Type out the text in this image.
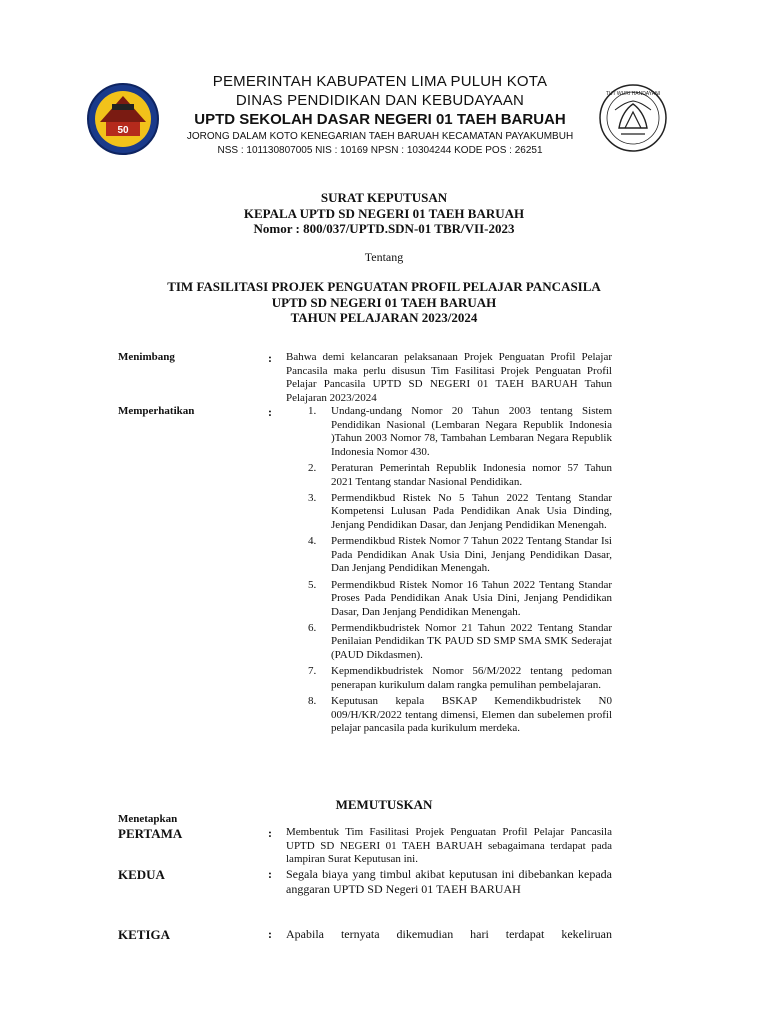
50
PEMERINTAH KABUPATEN LIMA PULUH KOTA
DINAS PENDIDIKAN DAN KEBUDAYAAN
UPTD SEKOLAH DASAR NEGERI 01 TAEH BARUAH
JORONG DALAM KOTO KENEGARIAN TAEH BARUAH KECAMATAN PAYAKUMBUH
NSS : 101130807005 NIS : 10169 NPSN : 10304244 KODE POS : 26251
TUT WURI HANDAYANI
SURAT KEPUTUSAN
KEPALA UPTD SD NEGERI 01 TAEH BARUAH
Nomor : 800/037/UPTD.SDN-01 TBR/VII-2023
Tentang
TIM FASILITASI PROJEK PENGUATAN PROFIL PELAJAR PANCASILA
UPTD SD NEGERI 01 TAEH BARUAH
TAHUN PELAJARAN 2023/2024
Menimbang	: Bahwa demi kelancaran pelaksanaan Projek Penguatan Profil Pelajar Pancasila maka perlu disusun Tim Fasilitasi Projek Penguatan Profil Pelajar Pancasila UPTD SD NEGERI 01 TAEH BARUAH Tahun Pelajaran 2023/2024
Memperhatikan	:	1. Undang-undang Nomor 20 Tahun 2003 tentang Sistem Pendidikan Nasional (Lembaran Negara Republik Indonesia )Tahun 2003 Nomor 78, Tambahan Lembaran Negara Republik Indonesia Nomor 430.
2. Peraturan Pemerintah Republik Indonesia nomor 57 Tahun 2021 Tentang standar Nasional Pendidikan.
3. Permendikbud Ristek No 5 Tahun 2022 Tentang Standar Kompetensi Lulusan Pada Pendidikan Anak Usia Dinding, Jenjang Pendidikan Dasar, dan Jenjang Pendidikan Menengah.
4. Permendikbud Ristek Nomor 7 Tahun 2022 Tentang Standar Isi Pada Pendidikan Anak Usia Dini, Jenjang Pendidikan Dasar, Dan Jenjang Pendidikan Menengah.
5. Permendikbud Ristek Nomor 16 Tahun 2022 Tentang Standar Proses Pada Pendidikan Anak Usia Dini, Jenjang Pendidikan Dasar, Dan Jenjang Pendidikan Menengah.
6. Permendikbudristek Nomor 21 Tahun 2022 Tentang Standar Penilaian Pendidikan TK PAUD SD SMP SMA SMK Sederajat (PAUD Dikdasmen).
7. Kepmendikbudristek Nomor 56/M/2022 tentang pedoman penerapan kurikulum dalam rangka pemulihan pembelajaran.
8. Keputusan kepala BSKAP Kemendikbudristek N0 009/H/KR/2022 tentang dimensi, Elemen dan subelemen profil pelajar pancasila pada kurikulum merdeka.
MEMUTUSKAN
Menetapkan
PERTAMA	: Membentuk Tim Fasilitasi Projek Penguatan Profil Pelajar Pancasila UPTD SD NEGERI 01 TAEH BARUAH sebagaimana terdapat pada lampiran Surat Keputusan ini.
KEDUA	: Segala biaya yang timbul akibat keputusan ini dibebankan kepada anggaran UPTD SD Negeri 01 TAEH BARUAH
KETIGA	: Apabila ternyata dikemudian hari terdapat kekeliruan
